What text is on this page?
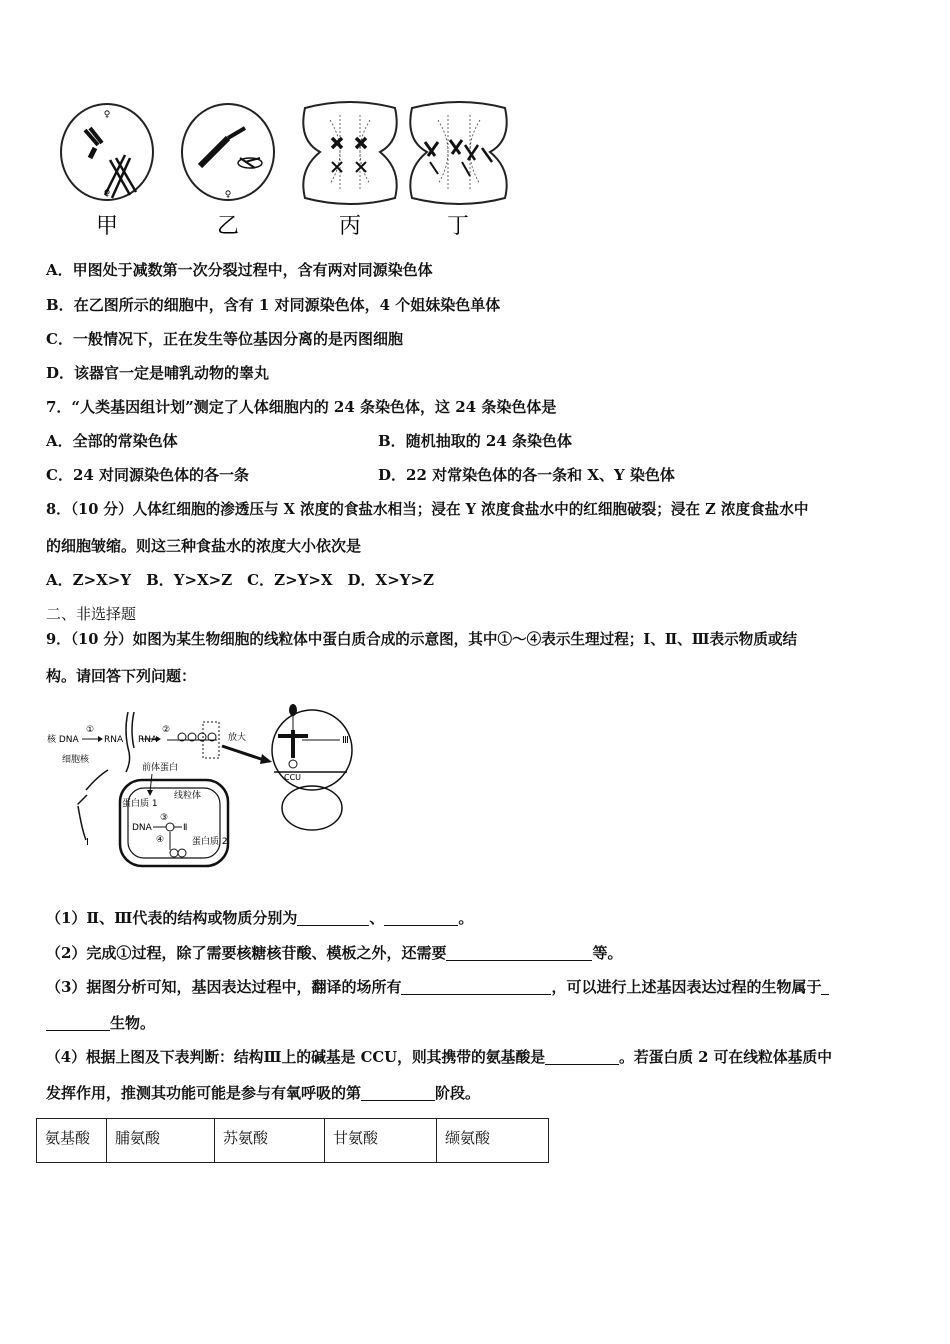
♀
♀	♀
甲	乙	丙	丁
A．甲图处于减数第一次分裂过程中，含有两对同源染色体
B．在乙图所示的细胞中，含有 1 对同源染色体，4 个姐妹染色单体
C．一般情况下，正在发生等位基因分离的是丙图细胞
D．该器官一定是哺乳动物的睾丸
7．“人类基因组计划”测定了人体细胞内的 24 条染色体，这 24 条染色体是
A．全部的常染色体	B．随机抽取的 24 条染色体
C．24 对同源染色体的各一条	D．22 对常染色体的各一条和 X、Y 染色体
8．（10 分）人体红细胞的渗透压与 X 浓度的食盐水相当；浸在 Y 浓度食盐水中的红细胞破裂；浸在 Z 浓度食盐水中
的细胞皱缩。则这三种食盐水的浓度大小依次是
A．Z>X>Y　B．Y>X>Z　C．Z>Y>X　D．X>Y>Z
二、非选择题
9．（10 分）如图为某生物细胞的线粒体中蛋白质合成的示意图，其中①～④表示生理过程；Ⅰ、Ⅱ、Ⅲ表示物质或结
构。请回答下列问题：
核 DNA
①
RNA
②
RNA
细胞核
放大
前体蛋白
Ⅰ
蛋白质 1
线粒体
③
DNA	Ⅱ
④	蛋白质 2
Ⅲ
CCU
（1）Ⅱ、Ⅲ代表的结构或物质分别为	、	。
（2）完成①过程，除了需要核糖核苷酸、模板之外，还需要	等。
（3）据图分析可知，基因表达过程中，翻译的场所有	，可以进行上述基因表达过程的生物属于
生物。
（4）根据上图及下表判断：结构Ⅲ上的碱基是 CCU，则其携带的氨基酸是	。若蛋白质 2 可在线粒体基质中
发挥作用，推测其功能可能是参与有氧呼吸的第	阶段。
氨基酸	脯氨酸	苏氨酸	甘氨酸	缬氨酸
